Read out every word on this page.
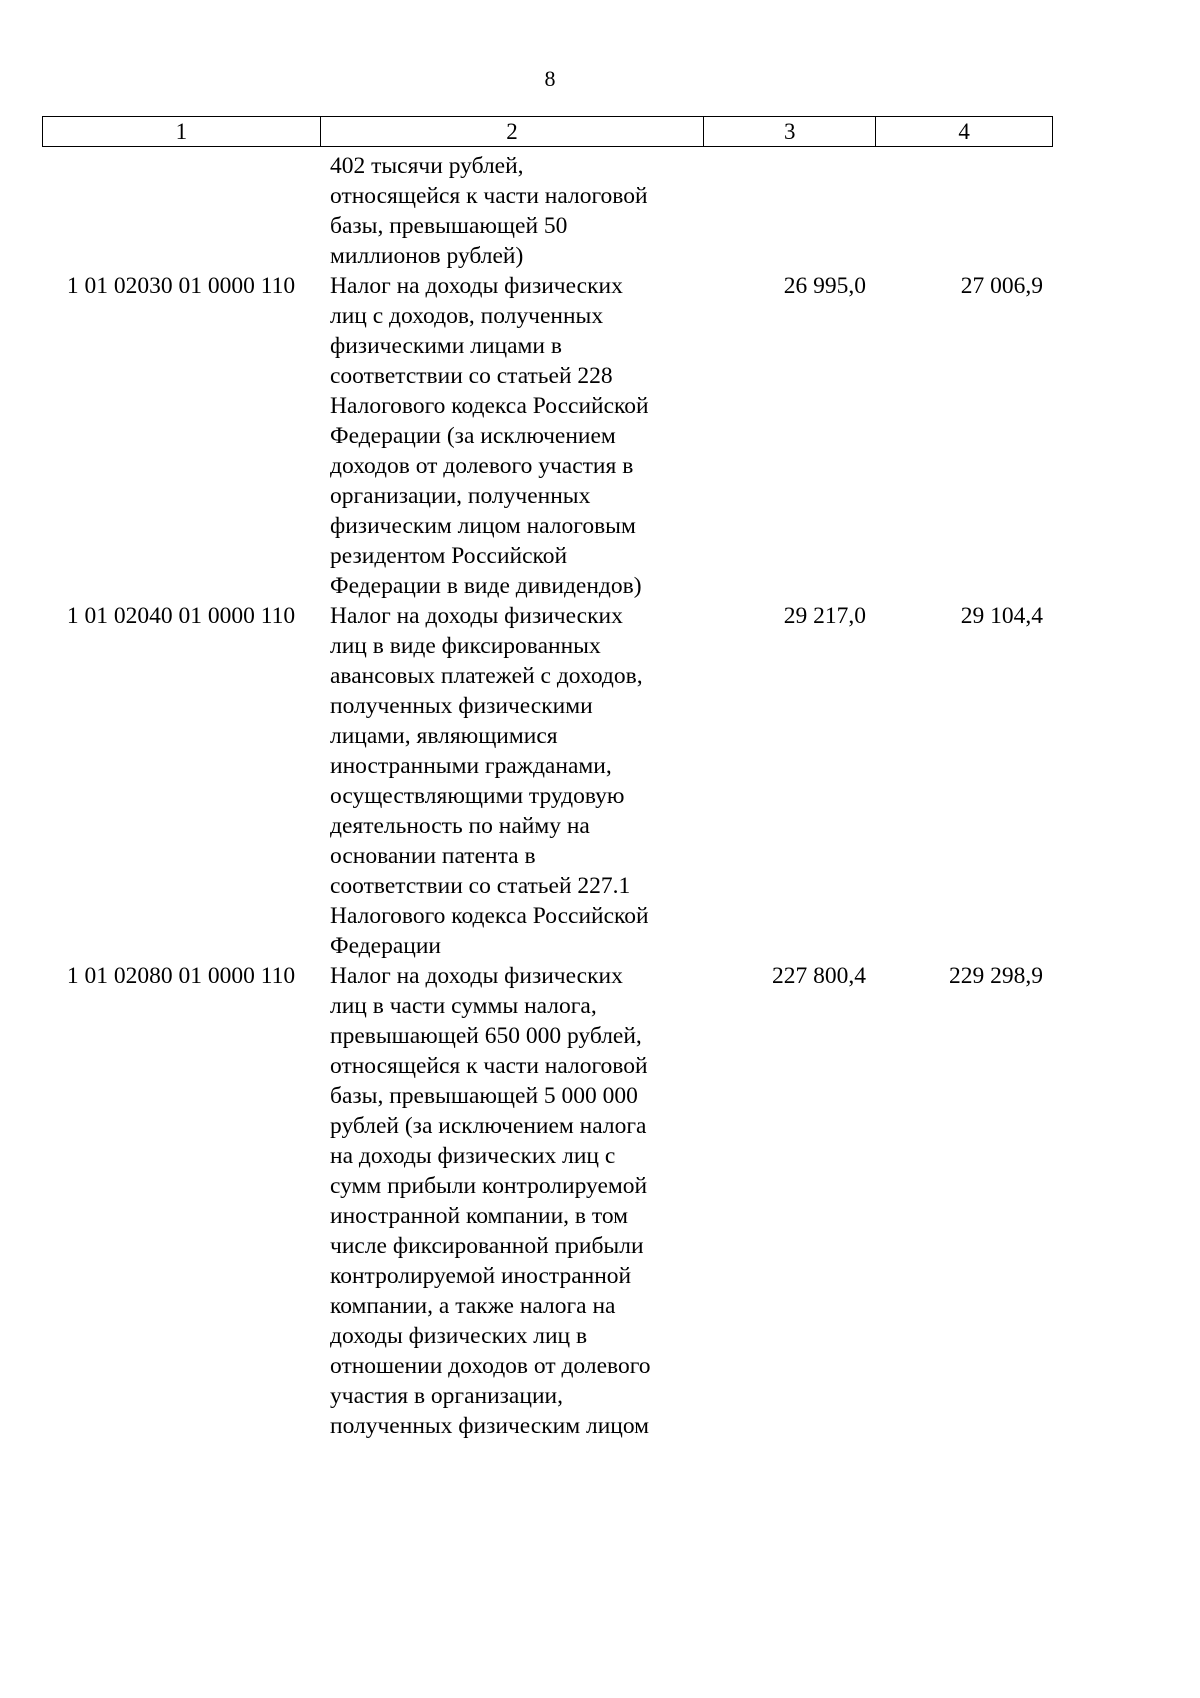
8
1	2	3	4
402 тысячи рублей,
относящейся к части налоговой
базы, превышающей 50
миллионов рублей)
1 01 02030 01 0000 110	Налог на доходы физических
лиц с доходов, полученных
физическими лицами в
соответствии со статьей 228
Налогового кодекса Российской
Федерации (за исключением
доходов от долевого участия в
организации, полученных
физическим лицом налоговым
резидентом Российской
Федерации в виде дивидендов)
26 995,0	27 006,9
1 01 02040 01 0000 110	Налог на доходы физических
лиц в виде фиксированных
авансовых платежей с доходов,
полученных физическими
лицами, являющимися
иностранными гражданами,
осуществляющими трудовую
деятельность по найму на
основании патента в
соответствии со статьей 227.1
Налогового кодекса Российской
Федерации
29 217,0	29 104,4
1 01 02080 01 0000 110	Налог на доходы физических
лиц в части суммы налога,
превышающей 650 000 рублей,
относящейся к части налоговой
базы, превышающей 5 000 000
рублей (за исключением налога
на доходы физических лиц с
сумм прибыли контролируемой
иностранной компании, в том
числе фиксированной прибыли
контролируемой иностранной
компании, а также налога на
доходы физических лиц в
отношении доходов от долевого
участия в организации,
полученных физическим лицом
227 800,4	229 298,9
